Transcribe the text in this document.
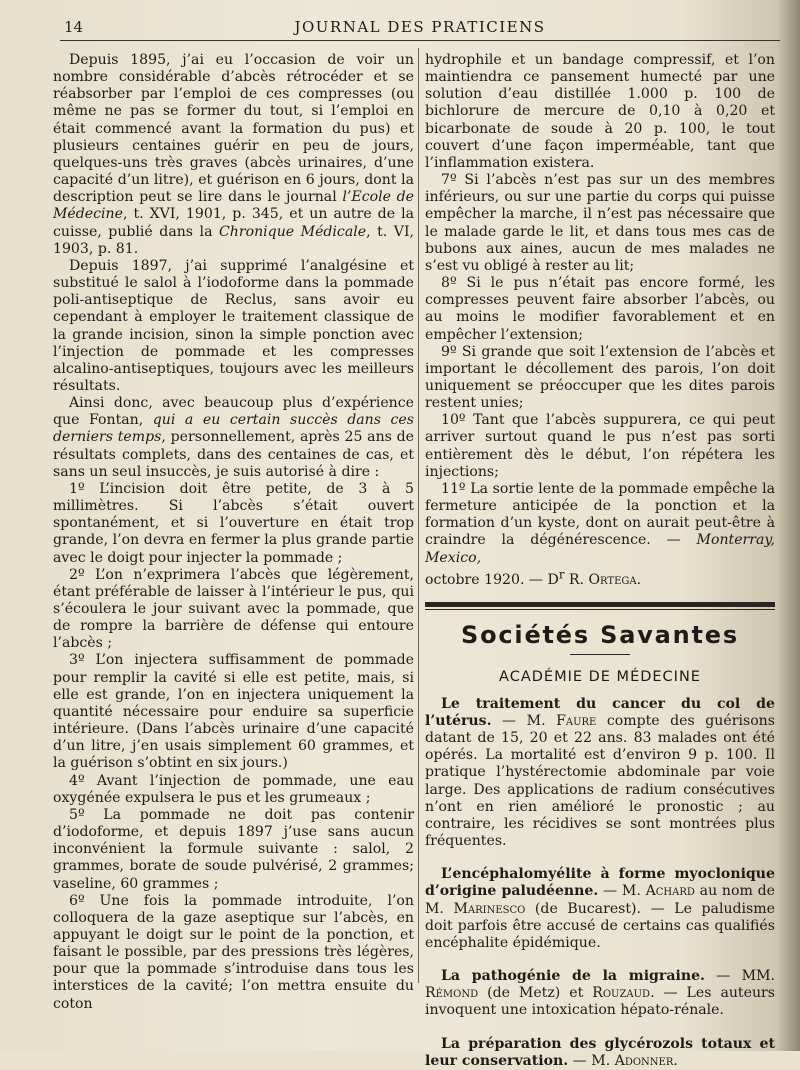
14	JOURNAL DES PRATICIENS

Depuis 1895, j’ai eu l’occasion de voir un nombre considérable d’abcès rétrocéder et se réabsorber par l’emploi de ces compresses (ou même ne pas se former du tout, si l’emploi en était commencé avant la formation du pus) et plusieurs centaines guérir en peu de jours, quelques-uns très graves (abcès urinaires, d’une capacité d’un litre), et guérison en 6 jours, dont la description peut se lire dans le journal l’Ecole de Médecine, t. XVI, 1901, p. 345, et un autre de la cuisse, publié dans la Chronique Médicale, t. VI, 1903, p. 81.

Depuis 1897, j’ai supprimé l’analgésine et substitué le salol à l’iodoforme dans la pommade poli-antiseptique de Reclus, sans avoir eu cependant à employer le traitement classique de la grande incision, sinon la simple ponction avec l’injection de pommade et les compresses alcalino-antiseptiques, toujours avec les meilleurs résultats.

Ainsi donc, avec beaucoup plus d’expérience que Fontan, qui a eu certain succès dans ces derniers temps, personnellement, après 25 ans de résultats complets, dans des centaines de cas, et sans un seul insuccès, je suis autorisé à dire :

1º L’incision doit être petite, de 3 à 5 millimètres. Si l’abcès s’était ouvert spontanément, et si l’ouverture en était trop grande, l’on devra en fermer la plus grande partie avec le doigt pour injecter la pommade ;

2º L’on n’exprimera l’abcès que légèrement, étant préférable de laisser à l’intérieur le pus, qui s’écoulera le jour suivant avec la pommade, que de rompre la barrière de défense qui entoure l’abcès ;

3º L’on injectera suffisamment de pommade pour remplir la cavité si elle est petite, mais, si elle est grande, l’on en injectera uniquement la quantité nécessaire pour enduire sa superficie intérieure. (Dans l’abcès urinaire d’une capacité d’un litre, j’en usais simplement 60 grammes, et la guérison s’obtint en six jours.)

4º Avant l’injection de pommade, une eau oxygénée expulsera le pus et les grumeaux ;

5º La pommade ne doit pas contenir d’iodoforme, et depuis 1897 j’use sans aucun inconvénient la formule suivante : salol, 2 grammes, borate de soude pulvérisé, 2 grammes; vaseline, 60 grammes ;

6º Une fois la pommade introduite, l’on colloquera de la gaze aseptique sur l’abcès, en appuyant le doigt sur le point de la ponction, et faisant le possible, par des pressions très légères, pour que la pommade s’introduise dans tous les interstices de la cavité; l’on mettra ensuite du coton

hydrophile et un bandage compressif, et l’on maintiendra ce pansement humecté par une solution d’eau distillée 1.000 p. 100 de bichlorure de mercure de 0,10 à 0,20 et bicarbonate de soude à 20 p. 100, le tout couvert d’une façon imperméable, tant que l’inflammation existera.

7º Si l’abcès n’est pas sur un des membres inférieurs, ou sur une partie du corps qui puisse empêcher la marche, il n’est pas nécessaire que le malade garde le lit, et dans tous mes cas de bubons aux aines, aucun de mes malades ne s’est vu obligé à rester au lit;

8º Si le pus n’était pas encore formé, les compresses peuvent faire absorber l’abcès, ou au moins le modifier favorablement et en empêcher l’extension;

9º Si grande que soit l’extension de l’abcès et important le décollement des parois, l’on doit uniquement se préoccuper que les dites parois restent unies;

10º Tant que l’abcès suppurera, ce qui peut arriver surtout quand le pus n’est pas sorti entièrement dès le début, l’on répétera les injections;

11º La sortie lente de la pommade empêche la fermeture anticipée de la ponction et la formation d’un kyste, dont on aurait peut-être à craindre la dégénérescence. — Monterray, Mexico,
octobre 1920. — $D^r$ R. Ortega.

Sociétés Savantes
ACADÉMIE DE MÉDECINE

Le traitement du cancer du col de l’utérus. — M. Faure compte des guérisons datant de 15, 20 et 22 ans. 83 malades ont été opérés. La mortalité est d’environ 9 p. 100. Il pratique l’hystérectomie abdominale par voie large. Des applications de radium consécutives n’ont en rien amélioré le pronostic ; au contraire, les récidives se sont montrées plus fréquentes.

L’encéphalomyélite à forme myoclonique d’origine paludéenne. — M. Achard au nom de M. Marinesco (de Bucarest). — Le paludisme doit parfois être accusé de certains cas qualifiés encéphalite épidémique.

La pathogénie de la migraine. — MM. Rémond (de Metz) et Rouzaud. — Les auteurs invoquent une intoxication hépato-rénale.

La préparation des glycérozols totaux et leur conservation. — M. Adonner.
